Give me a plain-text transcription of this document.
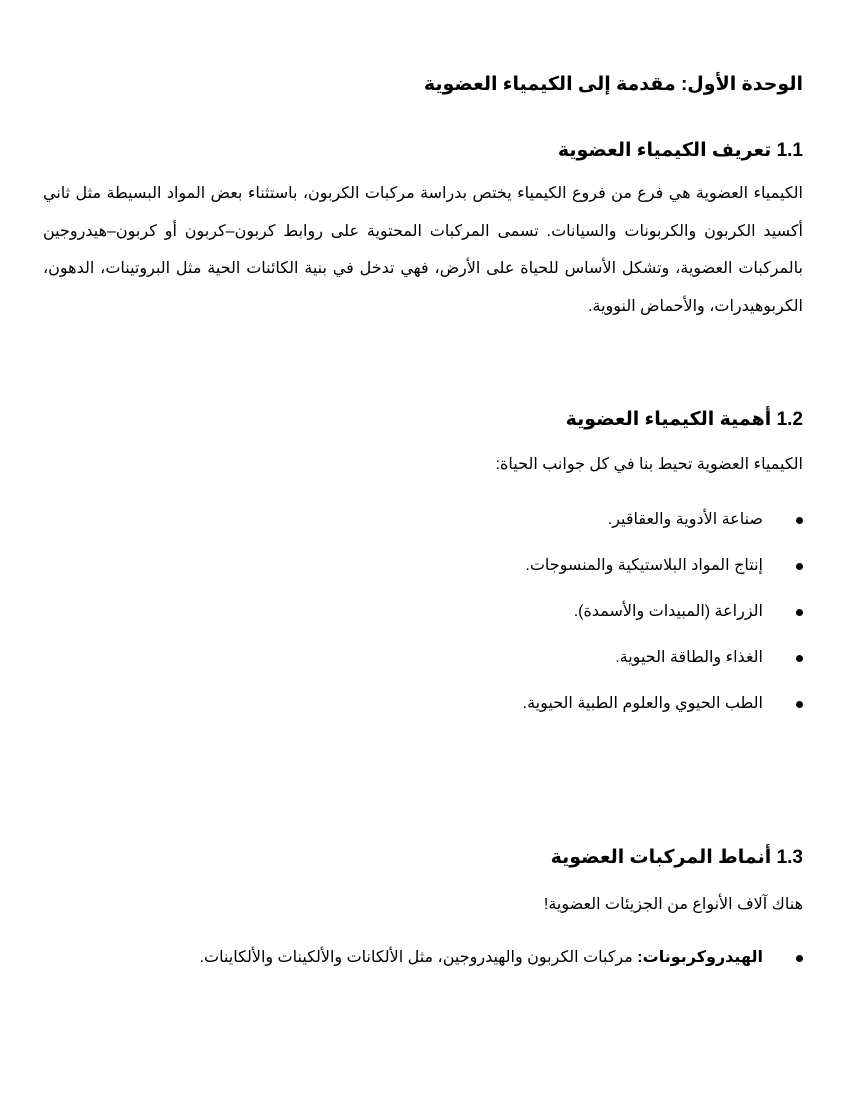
الوحدة الأول: مقدمة إلى الكيمياء العضوية
1.1 تعريف الكيمياء العضوية

الكيمياء العضوية هي فرع من فروع الكيمياء يختص بدراسة مركبات الكربون، باستثناء بعض المواد البسيطة مثل ثاني أكسيد الكربون والكربونات والسيانات. تسمى المركبات المحتوية على روابط كربون–كربون أو كربون–هيدروجين بالمركبات العضوية، وتشكل الأساس للحياة على الأرض، فهي تدخل في بنية الكائنات الحية مثل البروتينات، الدهون، الكربوهيدرات، والأحماض النووية.

1.2 أهمية الكيمياء العضوية

الكيمياء العضوية تحيط بنا في كل جوانب الحياة:

صناعة الأدوية والعقاقير.
إنتاج المواد البلاستيكية والمنسوجات.
الزراعة (المبيدات والأسمدة).
الغذاء والطاقة الحيوية.
الطب الحيوي والعلوم الطبية الحيوية.
1.3 أنماط المركبات العضوية

هناك آلاف الأنواع من الجزيئات العضوية!

الهيدروكربونات: مركبات الكربون والهيدروجين، مثل الألكانات والألكينات والألكاينات.
